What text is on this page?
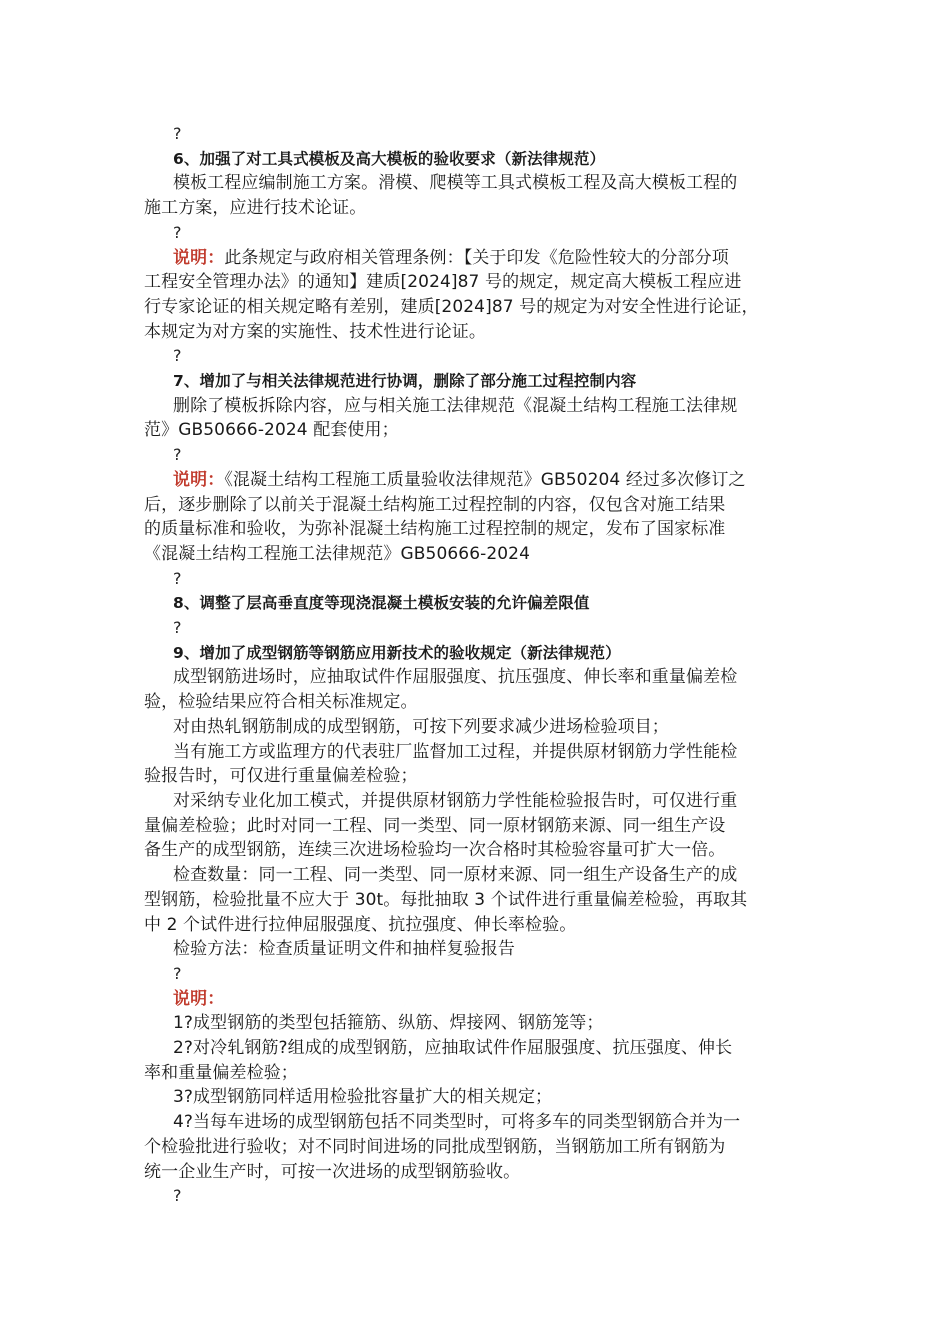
?
6、加强了对工具式模板及高大模板的验收要求（新法律规范）
模板工程应编制施工方案。滑模、爬模等工具式模板工程及高大模板工程的
施工方案，应进行技术论证。
?
说明：此条规定与政府相关管理条例：【关于印发《危险性较大的分部分项
工程安全管理办法》的通知】建质[2024]87 号的规定，规定高大模板工程应进
行专家论证的相关规定略有差别，建质[2024]87 号的规定为对安全性进行论证，
本规定为对方案的实施性、技术性进行论证。
?
7、增加了与相关法律规范进行协调，删除了部分施工过程控制内容
删除了模板拆除内容，应与相关施工法律规范《混凝土结构工程施工法律规
范》GB50666-2024 配套使用；
?
说明：《混凝土结构工程施工质量验收法律规范》GB50204 经过多次修订之
后，逐步删除了以前关于混凝土结构施工过程控制的内容，仅包含对施工结果
的质量标准和验收，为弥补混凝土结构施工过程控制的规定，发布了国家标准
《混凝土结构工程施工法律规范》GB50666-2024
?
8、调整了层高垂直度等现浇混凝土模板安装的允许偏差限值
?
9、增加了成型钢筋等钢筋应用新技术的验收规定（新法律规范）
成型钢筋进场时，应抽取试件作屈服强度、抗压强度、伸长率和重量偏差检
验，检验结果应符合相关标准规定。
对由热轧钢筋制成的成型钢筋，可按下列要求减少进场检验项目；
当有施工方或监理方的代表驻厂监督加工过程，并提供原材钢筋力学性能检
验报告时，可仅进行重量偏差检验；
对采纳专业化加工模式，并提供原材钢筋力学性能检验报告时，可仅进行重
量偏差检验；此时对同一工程、同一类型、同一原材钢筋来源、同一组生产设
备生产的成型钢筋，连续三次进场检验均一次合格时其检验容量可扩大一倍。
检查数量：同一工程、同一类型、同一原材来源、同一组生产设备生产的成
型钢筋，检验批量不应大于 30t。每批抽取 3 个试件进行重量偏差检验，再取其
中 2 个试件进行拉伸屈服强度、抗拉强度、伸长率检验。
检验方法：检查质量证明文件和抽样复验报告
?
说明：
1?成型钢筋的类型包括箍筋、纵筋、焊接网、钢筋笼等；
2?对冷轧钢筋?组成的成型钢筋，应抽取试件作屈服强度、抗压强度、伸长
率和重量偏差检验；
3?成型钢筋同样适用检验批容量扩大的相关规定；
4?当每车进场的成型钢筋包括不同类型时，可将多车的同类型钢筋合并为一
个检验批进行验收；对不同时间进场的同批成型钢筋，当钢筋加工所有钢筋为
统一企业生产时，可按一次进场的成型钢筋验收。
?
